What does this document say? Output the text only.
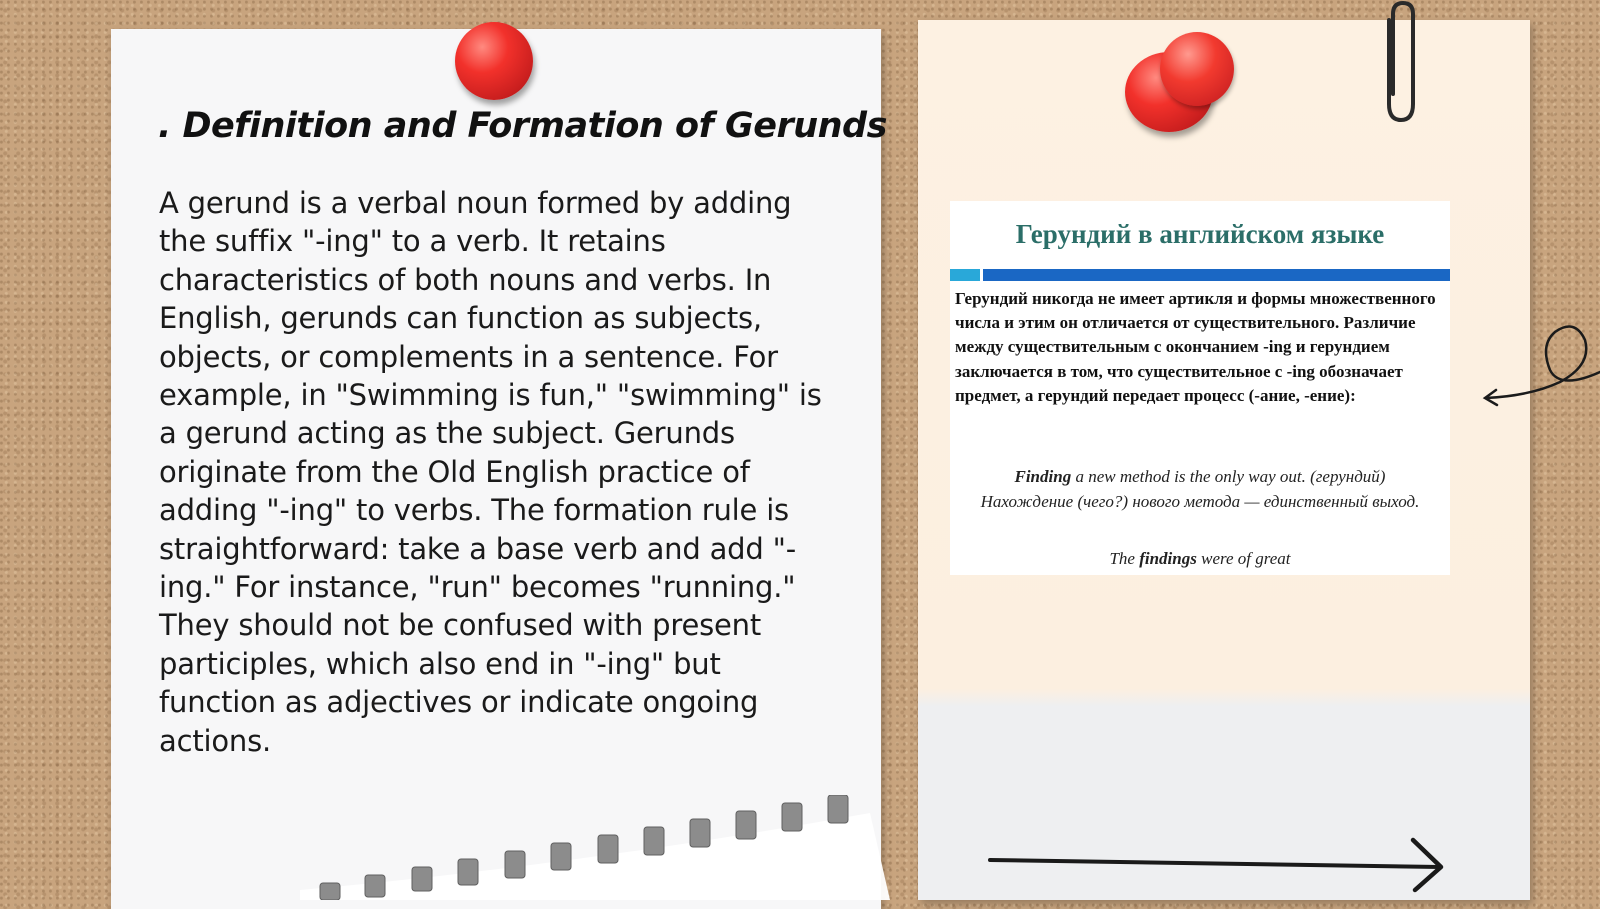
. Definition and Formation of Gerunds

A gerund is a verbal noun formed by adding the suffix "-ing" to a verb. It retains characteristics of both nouns and verbs. In English, gerunds can function as subjects, objects, or complements in a sentence. For example, in "Swimming is fun," "swimming" is a gerund acting as the subject. Gerunds originate from the Old English practice of adding "-ing" to verbs. The formation rule is straightforward: take a base verb and add "-ing." For instance, "run" becomes "running." They should not be confused with present participles, which also end in "-ing" but function as adjectives or indicate ongoing actions.

Герундий в английском языке

Герундий никогда не имеет артикля и формы множественного числа и этим он отличается от существительного. Различие между существительным с окончанием -ing и герундием заключается в том, что существительное с -ing обозначает предмет, а герундий передает процесс (-ание, -ение):

Finding a new method is the only way out. (герундий)

Нахождение (чего?) нового метода — единственный выход.

The findings were of great
